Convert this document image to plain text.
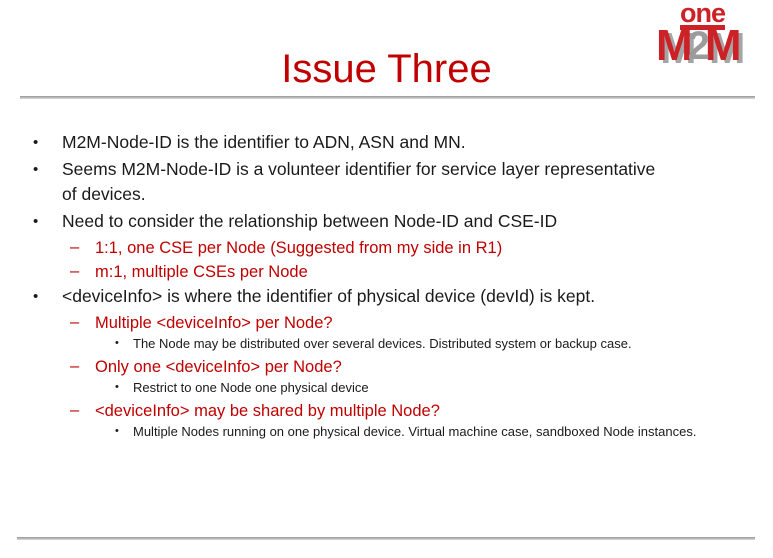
Issue Three
one
M2M
•
M2M-Node-ID is the identifier to ADN, ASN and MN.
•
Seems M2M-Node-ID is a volunteer identifier for service layer representative of devices.
•
Need to consider the relationship between Node-ID and CSE-ID
–
1:1, one CSE per Node (Suggested from my side in R1)
–
m:1, multiple CSEs per Node
•
<deviceInfo> is where the identifier of physical device (devId) is kept.
–
Multiple <deviceInfo> per Node?
•
The Node may be distributed over several devices. Distributed system or backup case.
–
Only one <deviceInfo> per Node?
•
Restrict to one Node one physical device
–
<deviceInfo> may be shared by multiple Node?
•
Multiple Nodes running on one physical device. Virtual machine case, sandboxed Node instances.
